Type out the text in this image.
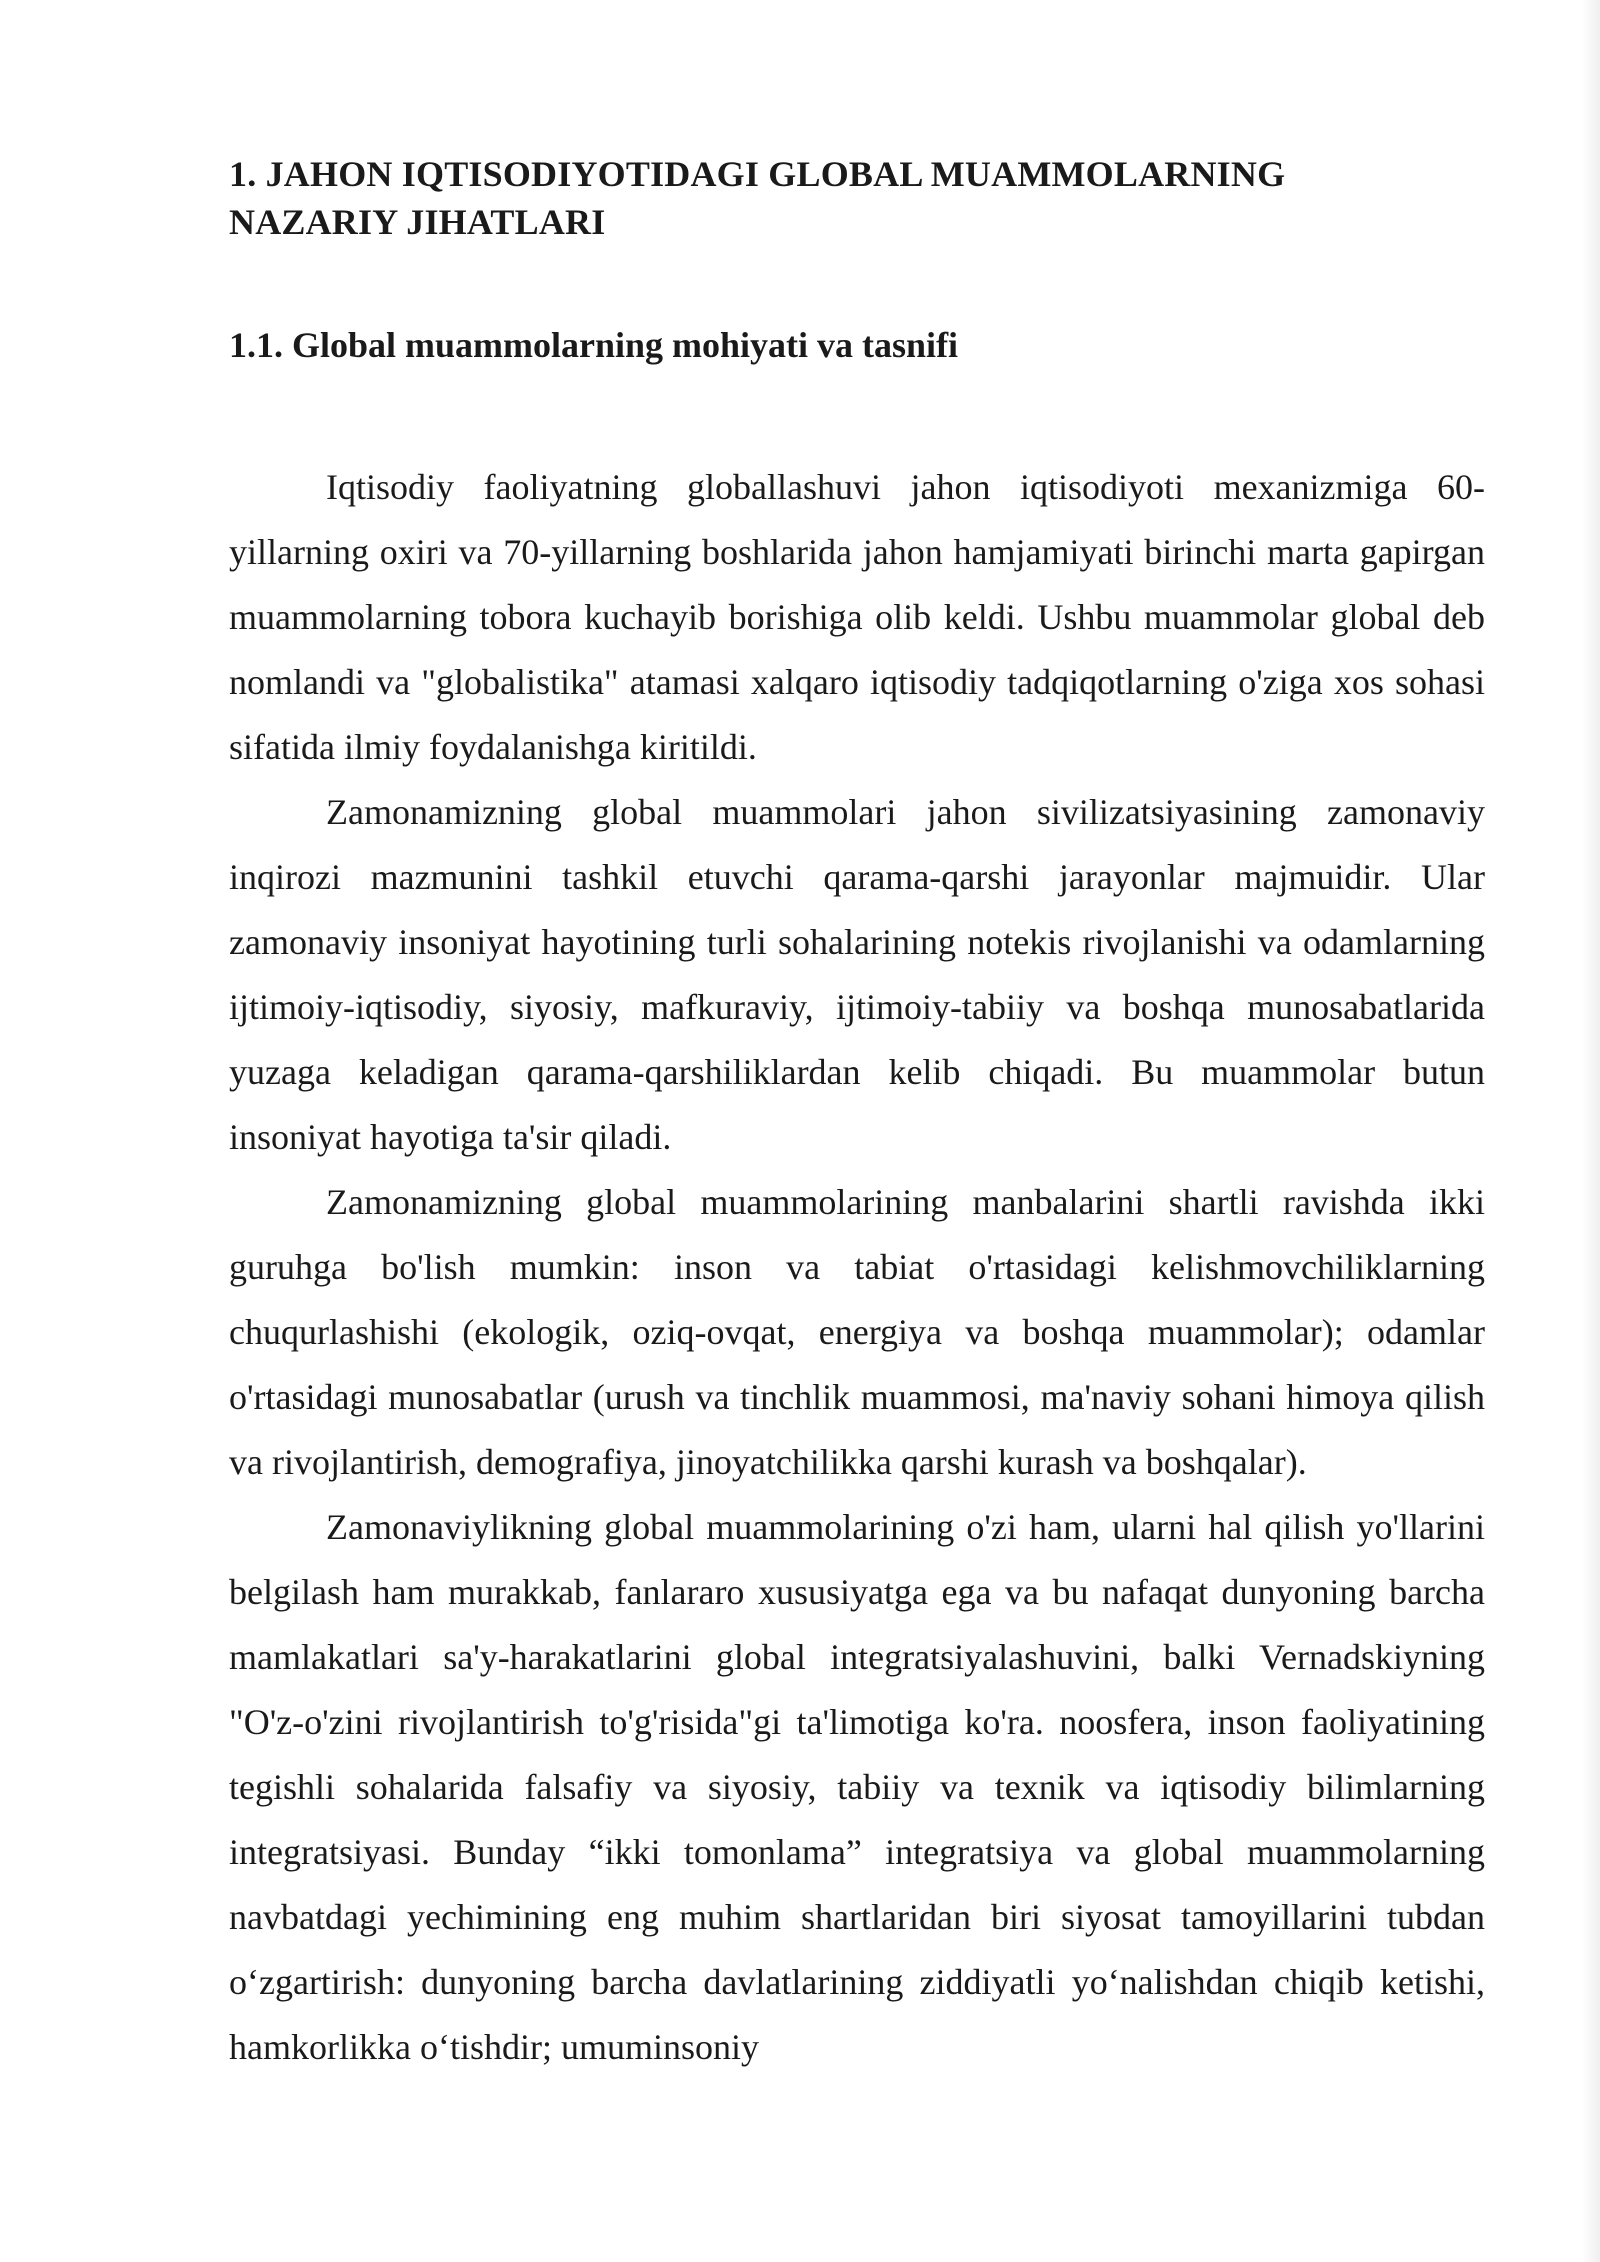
1. JAHON IQTISODIYOTIDAGI GLOBAL MUAMMOLARNING NAZARIY JIHATLARI
1.1. Global muammolarning mohiyati va tasnifi

Iqtisodiy faoliyatning globallashuvi jahon iqtisodiyoti mexanizmiga 60-yillarning oxiri va 70-yillarning boshlarida jahon hamjamiyati birinchi marta gapirgan muammolarning tobora kuchayib borishiga olib keldi. Ushbu muammolar global deb nomlandi va "globalistika" atamasi xalqaro iqtisodiy tadqiqotlarning o'ziga xos sohasi sifatida ilmiy foydalanishga kiritildi.

Zamonamizning global muammolari jahon sivilizatsiyasining zamonaviy inqirozi mazmunini tashkil etuvchi qarama-qarshi jarayonlar majmuidir. Ular zamonaviy insoniyat hayotining turli sohalarining notekis rivojlanishi va odamlarning ijtimoiy-iqtisodiy, siyosiy, mafkuraviy, ijtimoiy-tabiiy va boshqa munosabatlarida yuzaga keladigan qarama-qarshiliklardan kelib chiqadi. Bu muammolar butun insoniyat hayotiga ta'sir qiladi.

Zamonamizning global muammolarining manbalarini shartli ravishda ikki guruhga bo'lish mumkin: inson va tabiat o'rtasidagi kelishmovchiliklarning chuqurlashishi (ekologik, oziq-ovqat, energiya va boshqa muammolar); odamlar o'rtasidagi munosabatlar (urush va tinchlik muammosi, ma'naviy sohani himoya qilish va rivojlantirish, demografiya, jinoyatchilikka qarshi kurash va boshqalar).

Zamonaviylikning global muammolarining o'zi ham, ularni hal qilish yo'llarini belgilash ham murakkab, fanlararo xususiyatga ega va bu nafaqat dunyoning barcha mamlakatlari sa'y-harakatlarini global integratsiyalashuvini, balki Vernadskiyning "O'z-o'zini rivojlantirish to'g'risida"gi ta'limotiga ko'ra. noosfera, inson faoliyatining tegishli sohalarida falsafiy va siyosiy, tabiiy va texnik va iqtisodiy bilimlarning integratsiyasi. Bunday “ikki tomonlama” integratsiya va global muammolarning navbatdagi yechimining eng muhim shartlaridan biri siyosat tamoyillarini tubdan o‘zgartirish: dunyoning barcha davlatlarining ziddiyatli yo‘nalishdan chiqib ketishi, hamkorlikka o‘tishdir; umuminsoniy
